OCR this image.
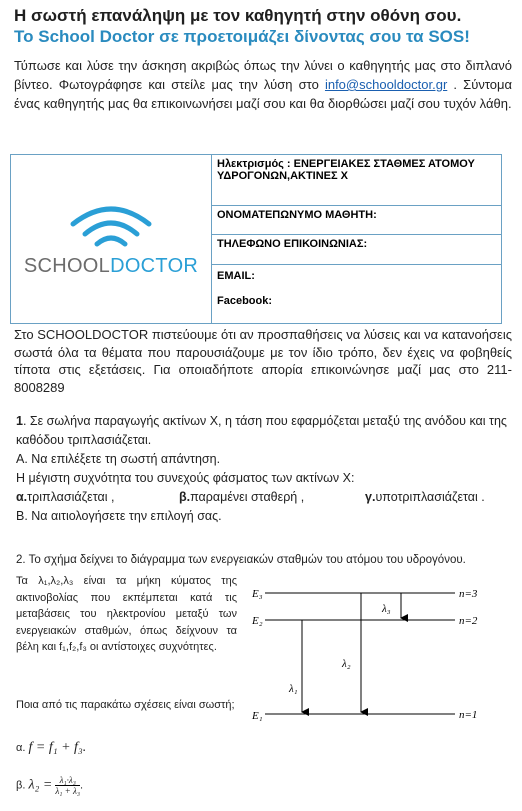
Η σωστή επανάληψη με τον καθηγητή στην οθόνη σου.
Το School Doctor σε προετοιμάζει δίνοντας σου τα SOS!
Τύπωσε και λύσε την άσκηση ακριβώς όπως την λύνει ο καθηγητής μας στο διπλανό βίντεο. Φωτογράφησε και στείλε μας την λύση στο info@schooldoctor.gr . Σύντομα ένας καθηγητής μας θα επικοινωνήσει μαζί σου και θα διορθώσει μαζί σου τυχόν λάθη.
SCHOOLDOCTOR
	Ηλεκτρισμός : ΕΝΕΡΓΕΙΑΚΕΣ ΣΤΑΘΜΕΣ ΑΤΟΜΟΥ ΥΔΡΟΓΟΝΩΝ,ΑΚΤΙΝΕΣ Χ
ΟΝΟΜΑΤΕΠΩΝΥΜΟ ΜΑΘΗΤΗ:
ΤΗΛΕΦΩΝΟ ΕΠΙΚΟΙΝΩΝΙΑΣ:

EMAIL:
Facebook:
Στο SCHOOLDOCTOR πιστεύουμε ότι αν προσπαθήσεις να λύσεις και να κατανοήσεις σωστά όλα τα θέματα που παρουσιάζουμε με τον ίδιο τρόπο, δεν έχεις να φοβηθείς τίποτα στις εξετάσεις. Για οποιαδήποτε απορία επικοινώνησε μαζί μας στο 211-8008289
1. Σε σωλήνα παραγωγής ακτίνων Χ, η τάση που εφαρμόζεται μεταξύ της ανόδου και της καθόδου τριπλασιάζεται.
Α. Να επιλέξετε τη σωστή απάντηση.
Η μέγιστη συχνότητα του συνεχούς φάσματος των ακτίνων Χ:
α.τριπλασιάζεται ,	β.παραμένει σταθερή ,	γ.υποτριπλασιάζεται .
Β. Να αιτιολογήσετε την επιλογή σας.
2. Το σχήμα δείχνει το διάγραμμα των ενεργειακών σταθμών του ατόμου του υδρογόνου.
Τα λ₁,λ₂,λ₃ είναι τα μήκη κύματος της ακτινοβολίας που εκπέμπεται κατά τις μεταβάσεις του ηλεκτρονίου μεταξύ των ενεργειακών σταθμών, όπως δείχνουν τα βέλη και f₁,f₂,f₃ οι αντίστοιχες συχνότητες.
Ποια από τις παρακάτω σχέσεις είναι σωστή;
α. f = f₁ + f₃.
β. $\lambda_2 = \frac{\text{λ₁·λ₃}}{\text{λ₁ + λ₃}}$ .
E₃
E₂
E₁
n=3
n=2
n=1
λ₁
λ₂
λ₃
